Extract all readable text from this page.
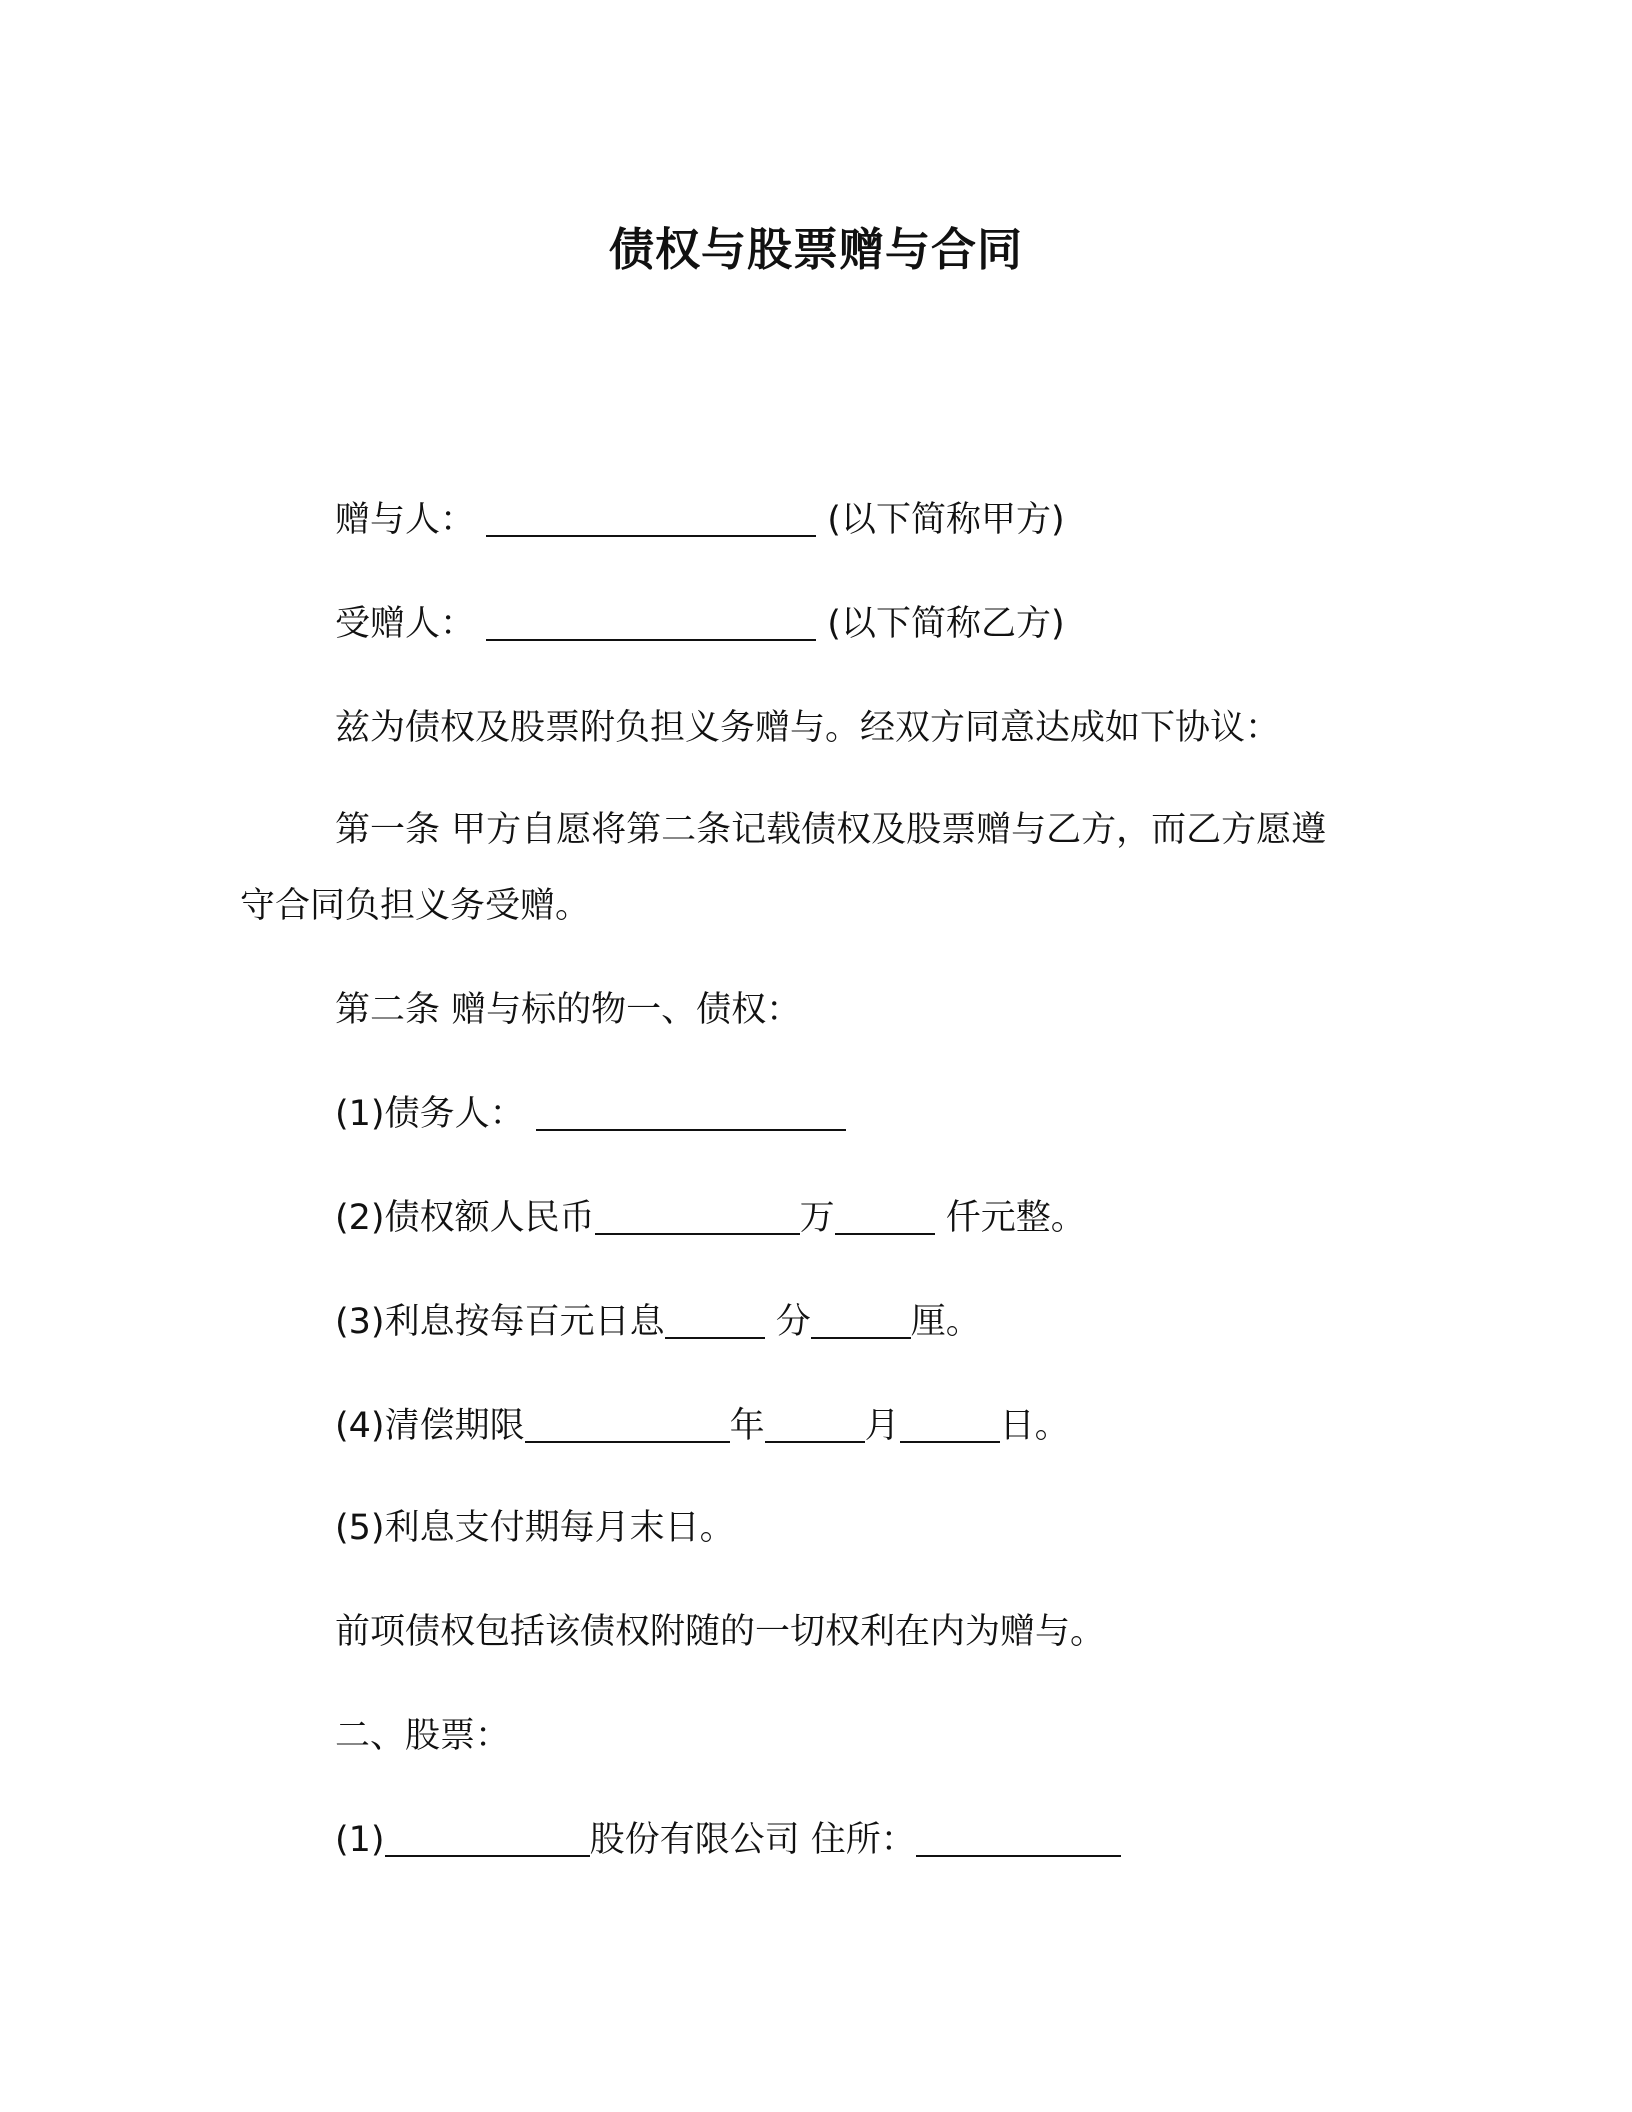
债权与股票赠与合同
赠与人：	(以下简称甲方)
受赠人：	(以下简称乙方)
兹为债权及股票附负担义务赠与。经双方同意达成如下协议：
第一条 甲方自愿将第二条记载债权及股票赠与乙方，而乙方愿遵
守合同负担义务受赠。
第二条 赠与标的物一、债权：
(1)债务人：
(2)债权额人民币	万	仟元整。
(3)利息按每百元日息	分	厘。
(4)清偿期限	年	月	日。
(5)利息支付期每月末日。
前项债权包括该债权附随的一切权利在内为赠与。
二、股票：
(1)	股份有限公司 住所：
